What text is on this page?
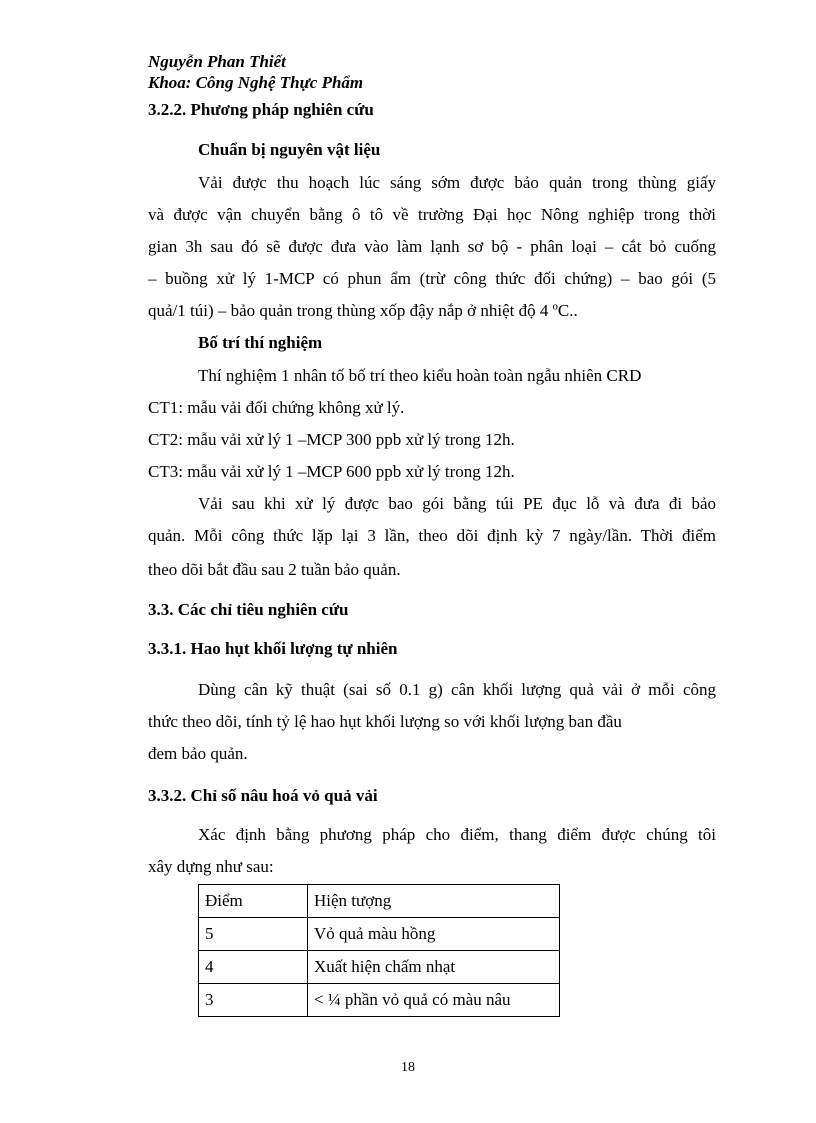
Nguyễn Phan Thiết
Khoa: Công Nghệ Thực Phẩm
3.2.2. Phương pháp nghiên cứu
Chuẩn bị nguyên vật liệu
Vải được thu hoạch lúc sáng sớm được bảo quản trong thùng giấy
và được vận chuyển bằng ô tô về trường Đại học Nông nghiệp trong thời
gian 3h sau đó sẽ được đưa vào làm lạnh sơ bộ - phân loại – cắt bỏ cuống
– buồng xử lý 1-MCP có phun ẩm (trừ công thức đối chứng) – bao gói (5
quả/1 túi) – bảo quản trong thùng xốp đậy nắp ở nhiệt độ 4 ºC..
Bố trí thí nghiệm
Thí nghiệm 1 nhân tố bố trí theo kiểu hoàn toàn ngẫu nhiên CRD
CT1: mẫu vải đối chứng không xử lý.
CT2: mẫu vải xử lý 1 –MCP 300 ppb xử lý trong 12h.
CT3: mẫu vải xử lý 1 –MCP 600 ppb xử lý trong 12h.
Vải sau khi xử lý được bao gói bằng túi PE đục lỗ và đưa đi bảo
quản. Mỗi công thức lặp lại 3 lần, theo dõi định kỳ 7 ngày/lần. Thời điểm
theo dõi bắt đầu sau 2 tuần bảo quản.
3.3. Các chỉ tiêu nghiên cứu
3.3.1. Hao hụt khối lượng tự nhiên
Dùng cân kỹ thuật (sai số 0.1 g) cân khối lượng quả vải ở mỗi công
thức theo dõi, tính tỷ lệ hao hụt khối lượng so với khối lượng ban đầu
đem bảo quản.
3.3.2. Chỉ số nâu hoá vỏ quả vải
Xác định bằng phương pháp cho điểm, thang điểm được chúng tôi
xây dựng như sau:
Điểm	Hiện tượng
5	Vỏ quả màu hồng
4	Xuất hiện chấm nhạt
3	< ¼ phần vỏ quả có màu nâu
18
